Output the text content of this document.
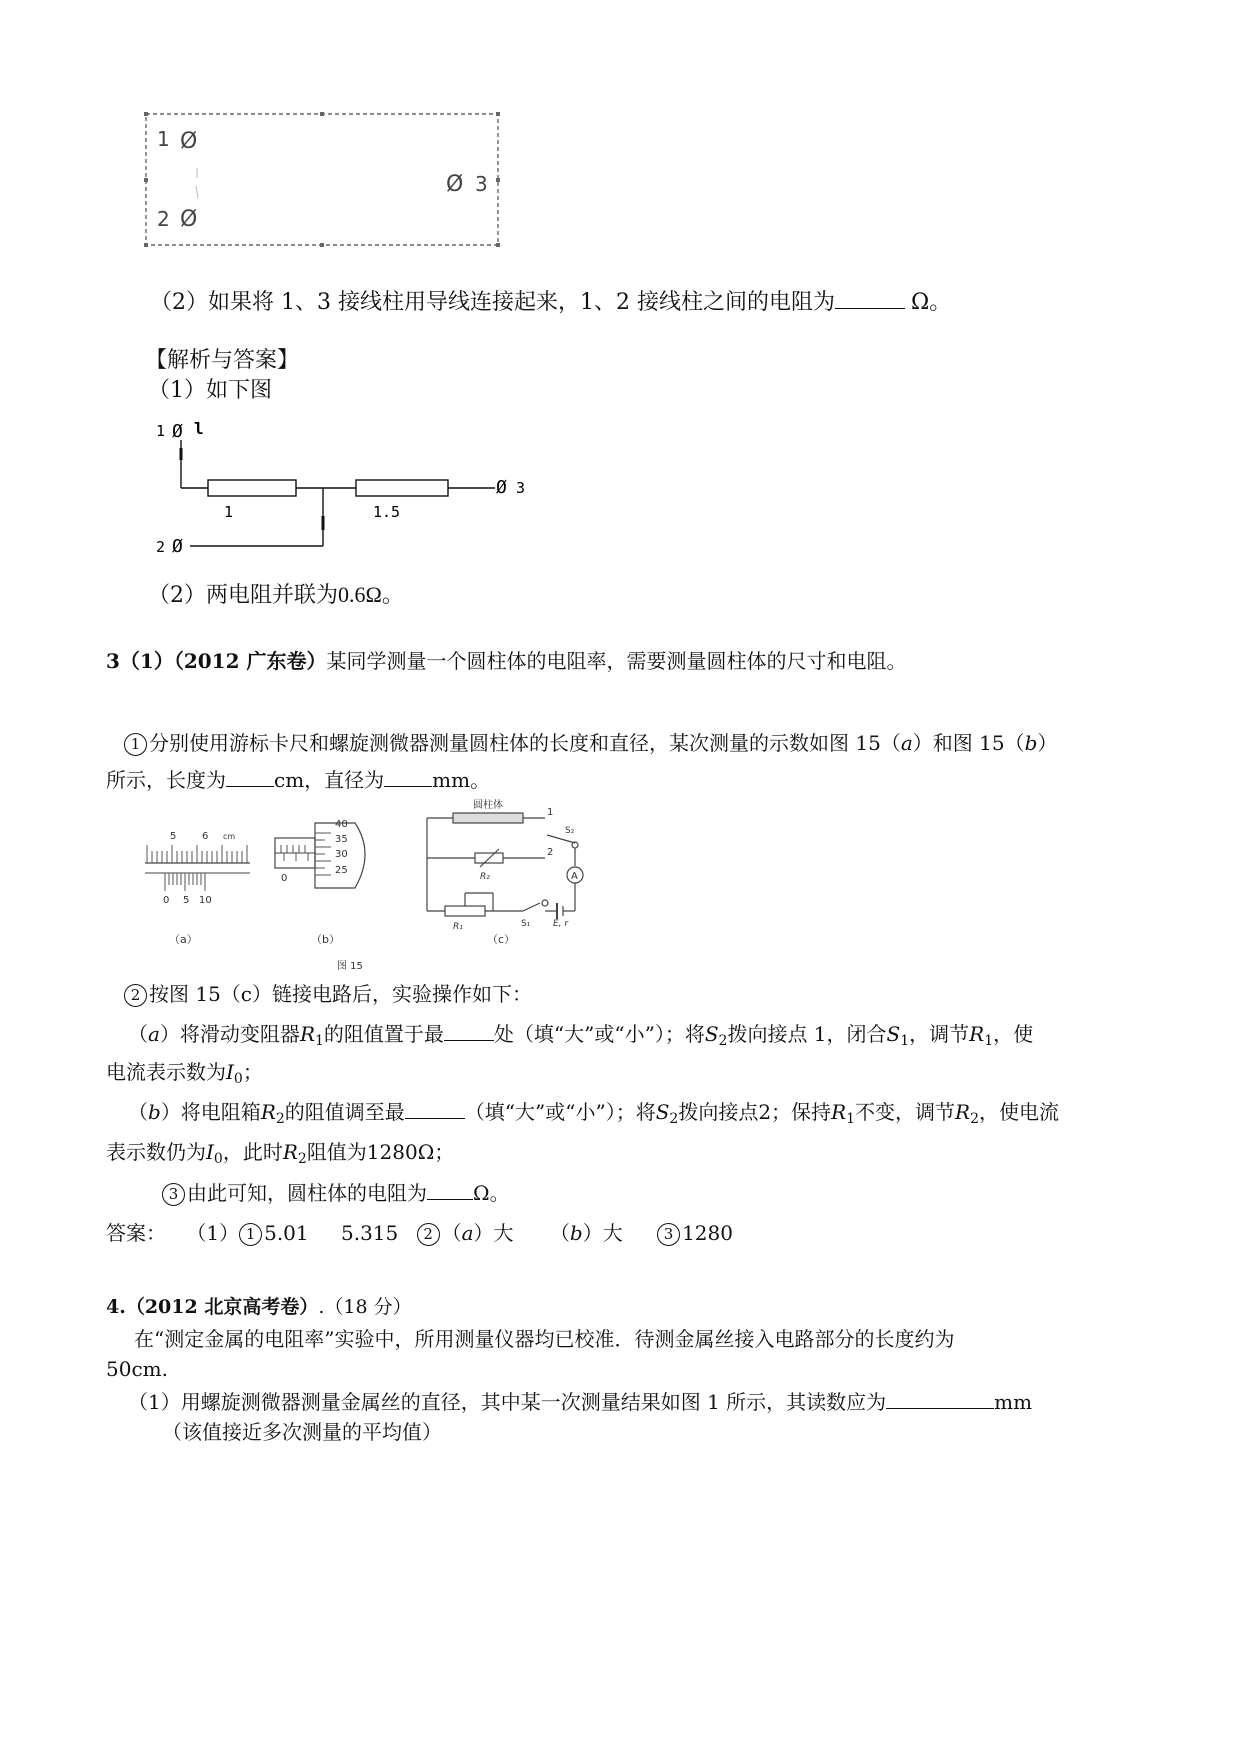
1 Ø
Ø 3
2 Ø
（2）如果将 1、3 接线柱用导线连接起来，1、2 接线柱之间的电阻为	Ω。
【解析与答案】
（1）如下图
1 Ø l
Ø 3
1	1.5
2 Ø
（2）两电阻并联为0.6Ω。
3（1）（2012 广东卷）某同学测量一个圆柱体的电阻率，需要测量圆柱体的尺寸和电阻。
1 分别使用游标卡尺和螺旋测微器测量圆柱体的长度和直径，某次测量的示数如图 15（a）和图 15（b）
所示，长度为 cm，直径为 mm。
5	6 cm
0 5 10
（a）
40
35
30
25
0
（b）
圆柱体
1
2
S₂
R₂	A
R₁	S₁	E, r
（c）
图 15
2 按图 15（c）链接电路后，实验操作如下：
（a）将滑动变阻器$R_1$的阻值置于最	处（填“大”或“小”）；将$S_2$拨向接点 1，闭合$S_1$，调节$R_1$，使
电流表示数为$I_0$；
（b）将电阻箱$R_2$的阻值调至最	（填“大”或“小”）；将$S_2$拨向接点2；保持$R_1$不变，调节$R_2$，使电流
表示数仍为$I_0$，此时$R_2$阻值为1280Ω；
3 由此可知，圆柱体的电阻为 Ω。
答案： （1） 1 5.01 5.315 2 （a）大 （b）大	3 1280
4.（2012 北京高考卷）.（18 分）
在“测定金属的电阻率”实验中，所用测量仪器均已校准．待测金属丝接入电路部分的长度约为
50cm.
（1）用螺旋测微器测量金属丝的直径，其中某一次测量结果如图 1 所示，其读数应为	mm
（该值接近多次测量的平均值）
